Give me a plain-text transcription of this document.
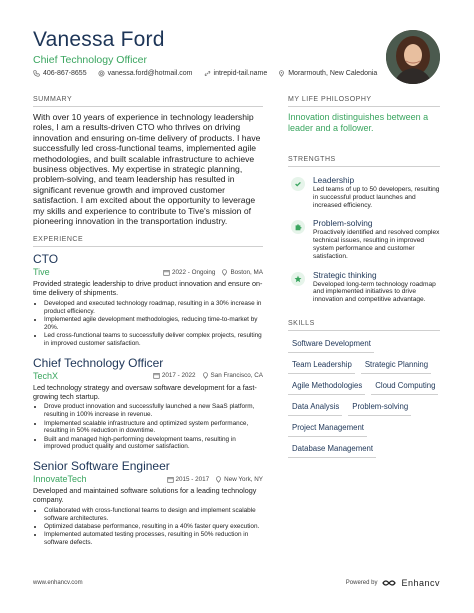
Vanessa Ford
Chief Technology Officer
406-867-8655	vanessa.ford@hotmail.com	intrepid-tail.name	Morarmouth, New Caledonia
SUMMARY
With over 10 years of experience in technology leadership roles, I am a results-driven CTO who thrives on driving innovation and ensuring on-time delivery of products. I have successfully led cross-functional teams, implemented agile methodologies, and built scalable infrastructure to achieve business objectives. My expertise in strategic planning, problem-solving, and team leadership has resulted in significant revenue growth and improved customer satisfaction. I am excited about the opportunity to leverage my skills and experience to contribute to Tive's mission of pioneering innovation in the transportation industry.
EXPERIENCE
CTO
Tive	2022 - Ongoing Boston, MA
Provided strategic leadership to drive product innovation and ensure on-time delivery of shipments.
• Developed and executed technology roadmap, resulting in a 30% increase in product efficiency.
• Implemented agile development methodologies, reducing time-to-market by 20%.
• Led cross-functional teams to successfully deliver complex projects, resulting in improved customer satisfaction.
Chief Technology Officer
TechX	2017 - 2022 San Francisco, CA
Led technology strategy and oversaw software development for a fast-growing tech startup.
• Drove product innovation and successfully launched a new SaaS platform, resulting in 100% increase in revenue.
• Implemented scalable infrastructure and optimized system performance, resulting in 50% reduction in downtime.
• Built and managed high-performing development teams, resulting in improved product quality and customer satisfaction.
Senior Software Engineer
InnovateTech	2015 - 2017 New York, NY
Developed and maintained software solutions for a leading technology company.
• Collaborated with cross-functional teams to design and implement scalable software architectures.
• Optimized database performance, resulting in a 40% faster query execution.
• Implemented automated testing processes, resulting in 50% reduction in software defects.
MY LIFE PHILOSOPHY
Innovation distinguishes between a leader and a follower.
STRENGTHS
Leadership
Led teams of up to 50 developers, resulting in successful product launches and increased efficiency.
Problem-solving
Proactively identified and resolved complex technical issues, resulting in improved system performance and customer satisfaction.
Strategic thinking
Developed long-term technology roadmap and implemented initiatives to drive innovation and competitive advantage.
SKILLS
Software Development
Team Leadership	Strategic Planning
Agile Methodologies	Cloud Computing
Data Analysis	Problem-solving
Project Management
Database Management
www.enhancv.com	Powered by	Enhancv
